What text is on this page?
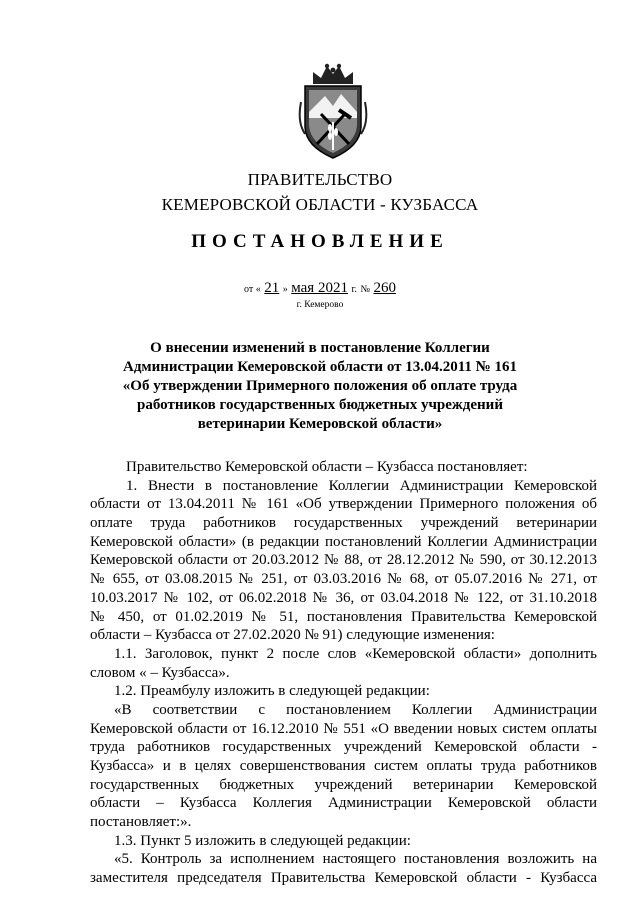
ПРАВИТЕЛЬСТВО
КЕМЕРОВСКОЙ ОБЛАСТИ - КУЗБАССА
ПОСТАНОВЛЕНИЕ
от « 21 » мая 2021 г. № 260
г. Кемерово
О внесении изменений в постановление Коллегии
Администрации Кемеровской области от 13.04.2011 № 161
«Об утверждении Примерного положения об оплате труда
работников государственных бюджетных учреждений
ветеринарии Кемеровской области»
Правительство Кемеровской области – Кузбасса постановляет:
1. Внести в постановление Коллегии Администрации Кемеровской
области от 13.04.2011 № 161 «Об утверждении Примерного положения об
оплате труда работников государственных учреждений ветеринарии
Кемеровской области» (в редакции постановлений Коллегии Администрации
Кемеровской области от 20.03.2012 № 88, от 28.12.2012 № 590, от 30.12.2013
№ 655, от 03.08.2015 № 251, от 03.03.2016 № 68, от 05.07.2016 № 271, от
10.03.2017 № 102, от 06.02.2018 № 36, от 03.04.2018 № 122, от 31.10.2018
№ 450, от 01.02.2019 № 51, постановления Правительства Кемеровской
области – Кузбасса от 27.02.2020 № 91) следующие изменения:
1.1. Заголовок, пункт 2 после слов «Кемеровской области» дополнить
словом « – Кузбасса».
1.2. Преамбулу изложить в следующей редакции:
«В соответствии с постановлением Коллегии Администрации
Кемеровской области от 16.12.2010 № 551 «О введении новых систем оплаты
труда работников государственных учреждений Кемеровской области -
Кузбасса» и в целях совершенствования систем оплаты труда работников
государственных бюджетных учреждений ветеринарии Кемеровской
области – Кузбасса Коллегия Администрации Кемеровской области
постановляет:».
1.3. Пункт 5 изложить в следующей редакции:
«5. Контроль за исполнением настоящего постановления возложить на
заместителя председателя Правительства Кемеровской области - Кузбасса
